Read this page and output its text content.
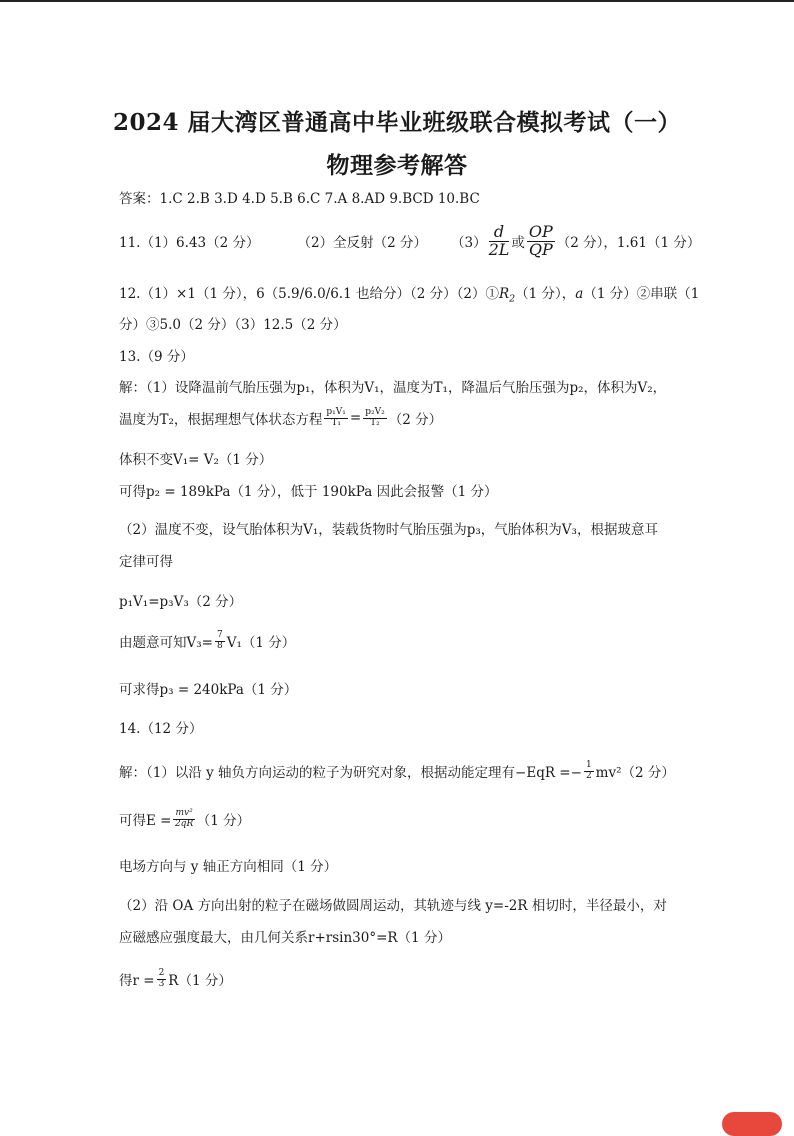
2024 届大湾区普通高中毕业班级联合模拟考试（一）
物理参考解答
答案：1.C 2.B 3.D 4.D 5.B 6.C 7.A 8.AD 9.BCD 10.BC
11.（1）6.43（2 分）	（2）全反射（2 分） $(3) \frac{d}{2L}$ 或 $\frac{OP}{QP} (2$ 分），1.61（1 分）
12.（1）×1（1 分），6（5.9/6.0/6.1 也给分）（2 分）$(2)①R_2(1$ 分），a（1 分）②串联（1
分）③5.0（2 分）（3）12.5（2 分）
13.（9 分）
解：（1）设降温前气胎压强为p₁，体积为V₁，温度为T₁，降温后气胎压强为p₂，体积为V₂，
温度为T₂，根据理想气体状态方程 $\frac{\text{p₁V₁}}{\text{T₁}} = \frac{\text{p₂V₂}}{\text{T₂}} (2$ 分）
体积不变V₁= V₂（1 分）
可得p₂ = 189kPa（1 分），低于 190kPa 因此会报警（1 分）
（2）温度不变，设气胎体积为V₁，装载货物时气胎压强为p₃，气胎体积为V₃，根据玻意耳
定律可得
p₁V₁=p₃V₃（2 分）
由题意可知$V_3= \frac{7}{8} V_1(1$ 分）
可求得p₃ = 240kPa（1 分）
14.（12 分）
解：（1）以沿 y 轴负方向运动的粒子为研究对象，根据动能定理有$-EqR =- \frac{1}{2} mv^2(2$ 分）
可得$E = \frac{\text{mv²}}{2qR} (1$ 分）
电场方向与 y 轴正方向相同（1 分）
（2）沿 OA 方向出射的粒子在磁场做圆周运动，其轨迹与线 y=-2R 相切时，半径最小，对
应磁感应强度最大，由几何关系r+rsin30°=R（1 分）
得$r = \frac{2}{3} R(1$ 分）
